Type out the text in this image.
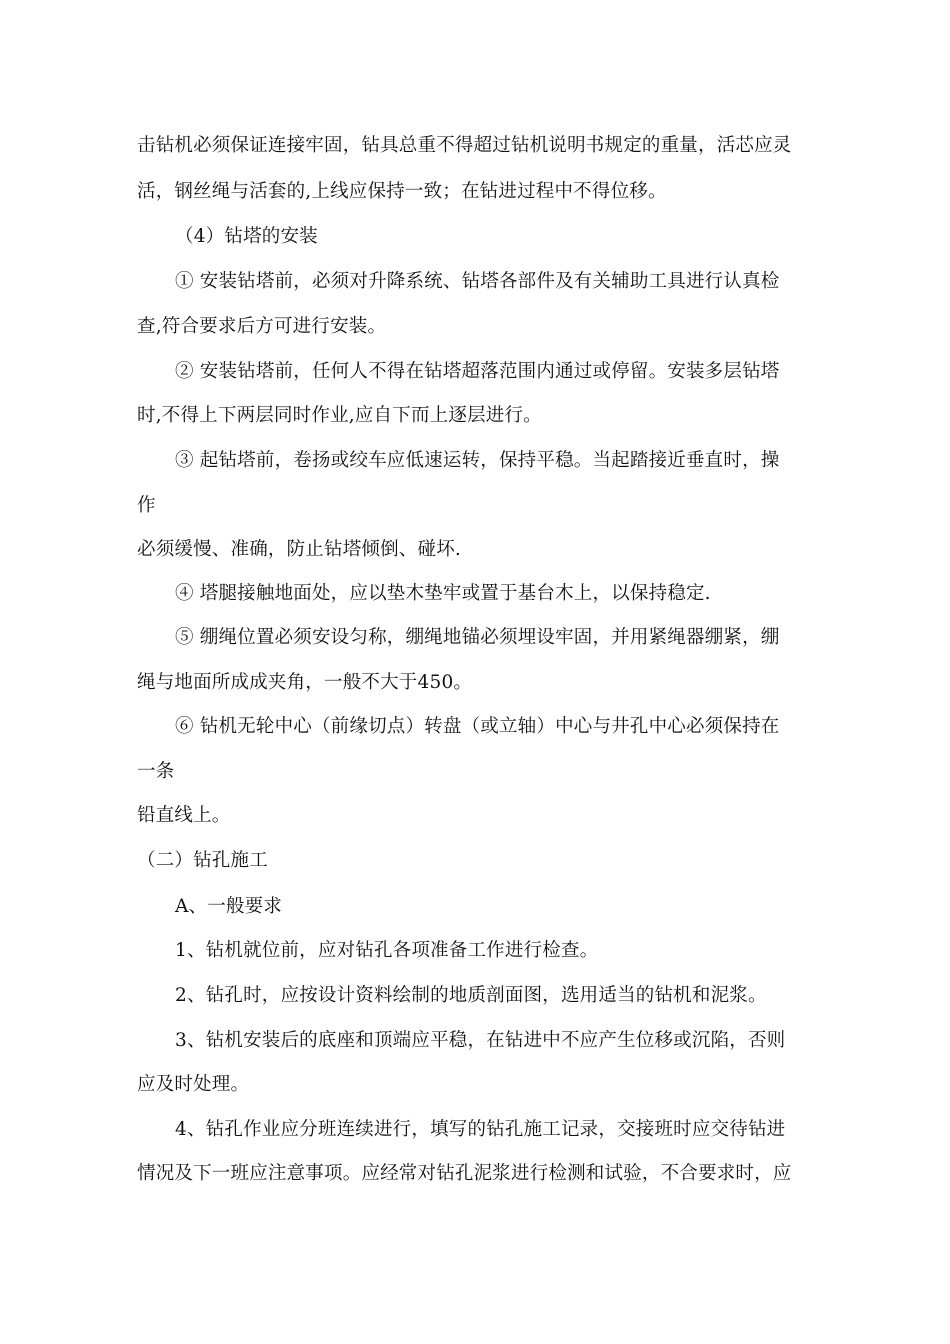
击钻机必须保证连接牢固，钻具总重不得超过钻机说明书规定的重量，活芯应灵
活，钢丝绳与活套的,上线应保持一致；在钻进过程中不得位移。
（4）钻塔的安装
① 安装钻塔前，必须对升降系统、钻塔各部件及有关辅助工具进行认真检
查,符合要求后方可进行安装。
② 安装钻塔前，任何人不得在钻塔超落范围内通过或停留。安装多层钻塔
时,不得上下两层同时作业,应自下而上逐层进行。
③ 起钻塔前，卷扬或绞车应低速运转，保持平稳。当起踏接近垂直时，操
作
必须缓慢、准确，防止钻塔倾倒、碰坏.
④ 塔腿接触地面处，应以垫木垫牢或置于基台木上，以保持稳定.
⑤ 绷绳位置必须安设匀称，绷绳地锚必须埋设牢固，并用紧绳器绷紧，绷
绳与地面所成成夹角，一般不大于450。
⑥ 钻机无轮中心（前缘切点）转盘（或立轴）中心与井孔中心必须保持在
一条
铅直线上。
（二）钻孔施工
A、一般要求
1、钻机就位前，应对钻孔各项准备工作进行检查。
2、钻孔时，应按设计资料绘制的地质剖面图，选用适当的钻机和泥浆。
3、钻机安装后的底座和顶端应平稳，在钻进中不应产生位移或沉陷，否则
应及时处理。
4、钻孔作业应分班连续进行，填写的钻孔施工记录，交接班时应交待钻进
情况及下一班应注意事项。应经常对钻孔泥浆进行检测和试验，不合要求时，应
